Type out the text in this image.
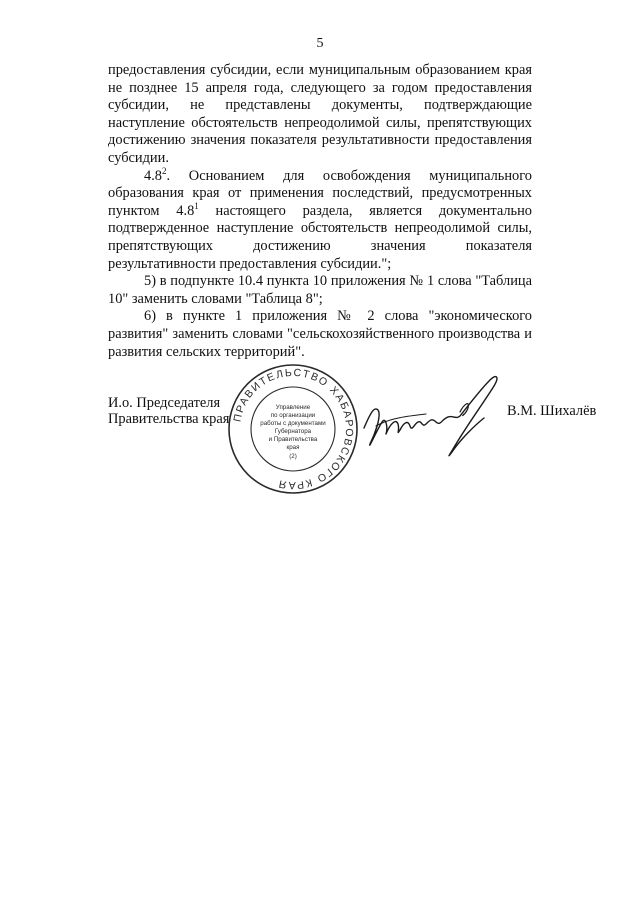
5

предоставления субсидии, если муниципальным образованием края не позднее 15 апреля года, следующего за годом предоставления субсидии, не представлены документы, подтверждающие наступление обстоятельств непреодолимой силы, препятствующих достижению значения показателя результативности предоставления субсидии.

$4.8^2$. Основанием для освобождения муниципального образования края от применения последствий, предусмотренных пунктом $4.8^1$ настоящего раздела, является документально подтвержденное наступление обстоятельств непреодолимой силы, препятствующих достижению значения показателя результативности предоставления субсидии.";

5) в подпункте 10.4 пункта 10 приложения № 1 слова "Таблица 10" заменить словами "Таблица 8";

6) в пункте 1 приложения № 2 слова "экономического развития" заменить словами "сельскохозяйственного производства и развития сельских территорий".

И.о. Председателя
Правительства края ПРАВИТЕЛЬСТВО ХАБАРОВСКОГО КРАЯ
Управление
по организации
работы с документами
Губернатора
и Правительства
края
(2)
В.М. Шихалёв
